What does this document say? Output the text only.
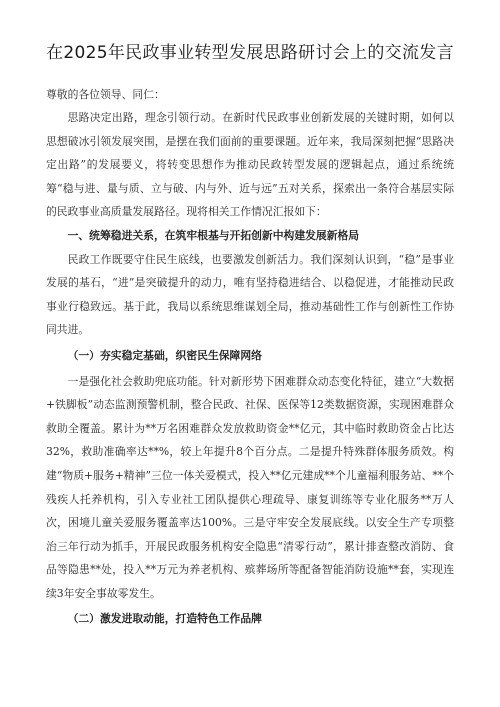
在2025年民政事业转型发展思路研讨会上的交流发言
尊敬的各位领导、同仁：

思路决定出路，理念引领行动。在新时代民政事业创新发展的关键时期，如何以思想破冰引领发展突围，是摆在我们面前的重要课题。近年来，我局深刻把握“思路决定出路”的发展要义，将转变思想作为推动民政转型发展的逻辑起点，通过系统统筹“稳与进、量与质、立与破、内与外、近与远”五对关系，探索出一条符合基层实际的民政事业高质量发展路径。现将相关工作情况汇报如下：

一、统筹稳进关系，在筑牢根基与开拓创新中构建发展新格局

民政工作既要守住民生底线，也要激发创新活力。我们深刻认识到，“稳”是事业发展的基石，“进”是突破提升的动力，唯有坚持稳进结合、以稳促进，才能推动民政事业行稳致远。基于此，我局以系统思维谋划全局，推动基础性工作与创新性工作协同共进。

（一）夯实稳定基础，织密民生保障网络

一是强化社会救助兜底功能。针对新形势下困难群众动态变化特征，建立“大数据+铁脚板”动态监测预警机制，整合民政、社保、医保等12类数据资源，实现困难群众救助全覆盖。累计为**万名困难群众发放救助资金**亿元，其中临时救助资金占比达32%，救助准确率达**%，较上年提升8个百分点。二是提升特殊群体服务质效。构建“物质+服务+精神”三位一体关爱模式，投入**亿元建成**个儿童福利服务站、**个残疾人托养机构，引入专业社工团队提供心理疏导、康复训练等专业化服务**万人次，困境儿童关爱服务覆盖率达100%。三是守牢安全发展底线。以安全生产专项整治三年行动为抓手，开展民政服务机构安全隐患“清零行动”，累计排查整改消防、食品等隐患**处，投入**万元为养老机构、殡葬场所等配备智能消防设施**套，实现连续3年安全事故零发生。

（二）激发进取动能，打造特色工作品牌
